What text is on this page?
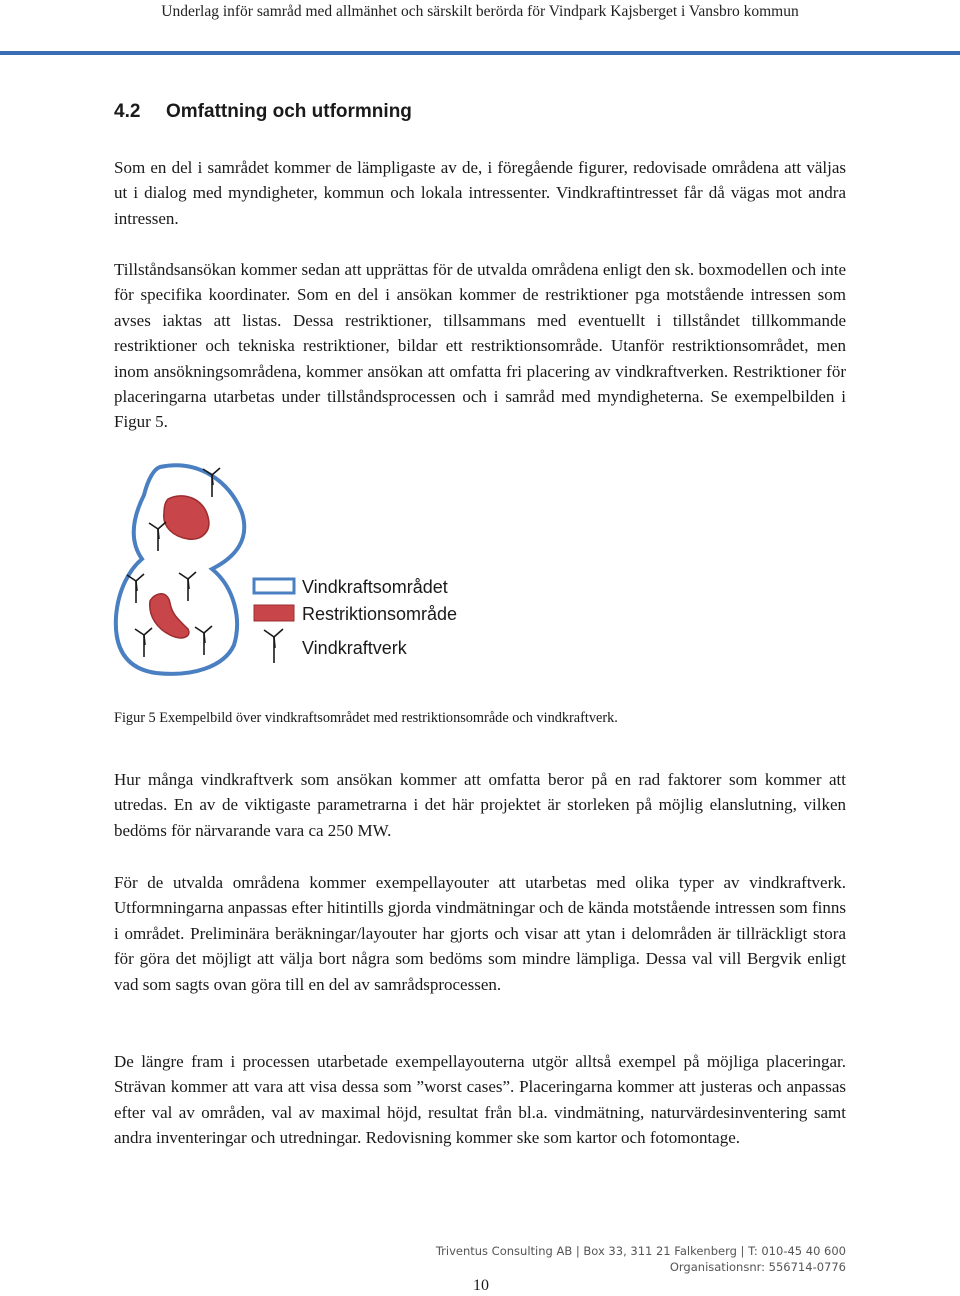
Underlag inför samråd med allmänhet och särskilt berörda för Vindpark Kajsberget i Vansbro kommun
4.2 Omfattning och utformning

Som en del i samrådet kommer de lämpligaste av de, i föregående figurer, redovisade områdena att väljas ut i dialog med myndigheter, kommun och lokala intressenter. Vindkraftintresset får då vägas mot andra intressen.

Tillståndsansökan kommer sedan att upprättas för de utvalda områdena enligt den sk. boxmodellen och inte för specifika koordinater. Som en del i ansökan kommer de restriktioner pga motstående intressen som avses iaktas att listas. Dessa restriktioner, tillsammans med eventuellt i tillståndet tillkommande restriktioner och tekniska restriktioner, bildar ett restriktionsområde. Utanför restriktionsområdet, men inom ansökningsområdena, kommer ansökan att omfatta fri placering av vindkraftverken. Restriktioner för placeringarna utarbetas under tillståndsprocessen och i samråd med myndigheterna. Se exempelbilden i Figur 5.

Vindkraftsområdet
Restriktionsområde
Vindkraftverk

Figur 5 Exempelbild över vindkraftsområdet med restriktionsområde och vindkraftverk.

Hur många vindkraftverk som ansökan kommer att omfatta beror på en rad faktorer som kommer att utredas. En av de viktigaste parametrarna i det här projektet är storleken på möjlig elanslutning, vilken bedöms för närvarande vara ca 250 MW.

För de utvalda områdena kommer exempellayouter att utarbetas med olika typer av vindkraftverk. Utformningarna anpassas efter hitintills gjorda vindmätningar och de kända motstående intressen som finns i området. Preliminära beräkningar/layouter har gjorts och visar att ytan i delområden är tillräckligt stora för göra det möjligt att välja bort några som bedöms som mindre lämpliga. Dessa val vill Bergvik enligt vad som sagts ovan göra till en del av samrådsprocessen.

De längre fram i processen utarbetade exempellayouterna utgör alltså exempel på möjliga placeringar. Strävan kommer att vara att visa dessa som ”worst cases”. Placeringarna kommer att justeras och anpassas efter val av områden, val av maximal höjd, resultat från bl.a. vindmätning, naturvärdesinventering samt andra inventeringar och utredningar. Redovisning kommer ske som kartor och fotomontage.

Triventus Consulting AB | Box 33, 311 21 Falkenberg | T: 010-45 40 600
Organisationsnr: 556714-0776
10
